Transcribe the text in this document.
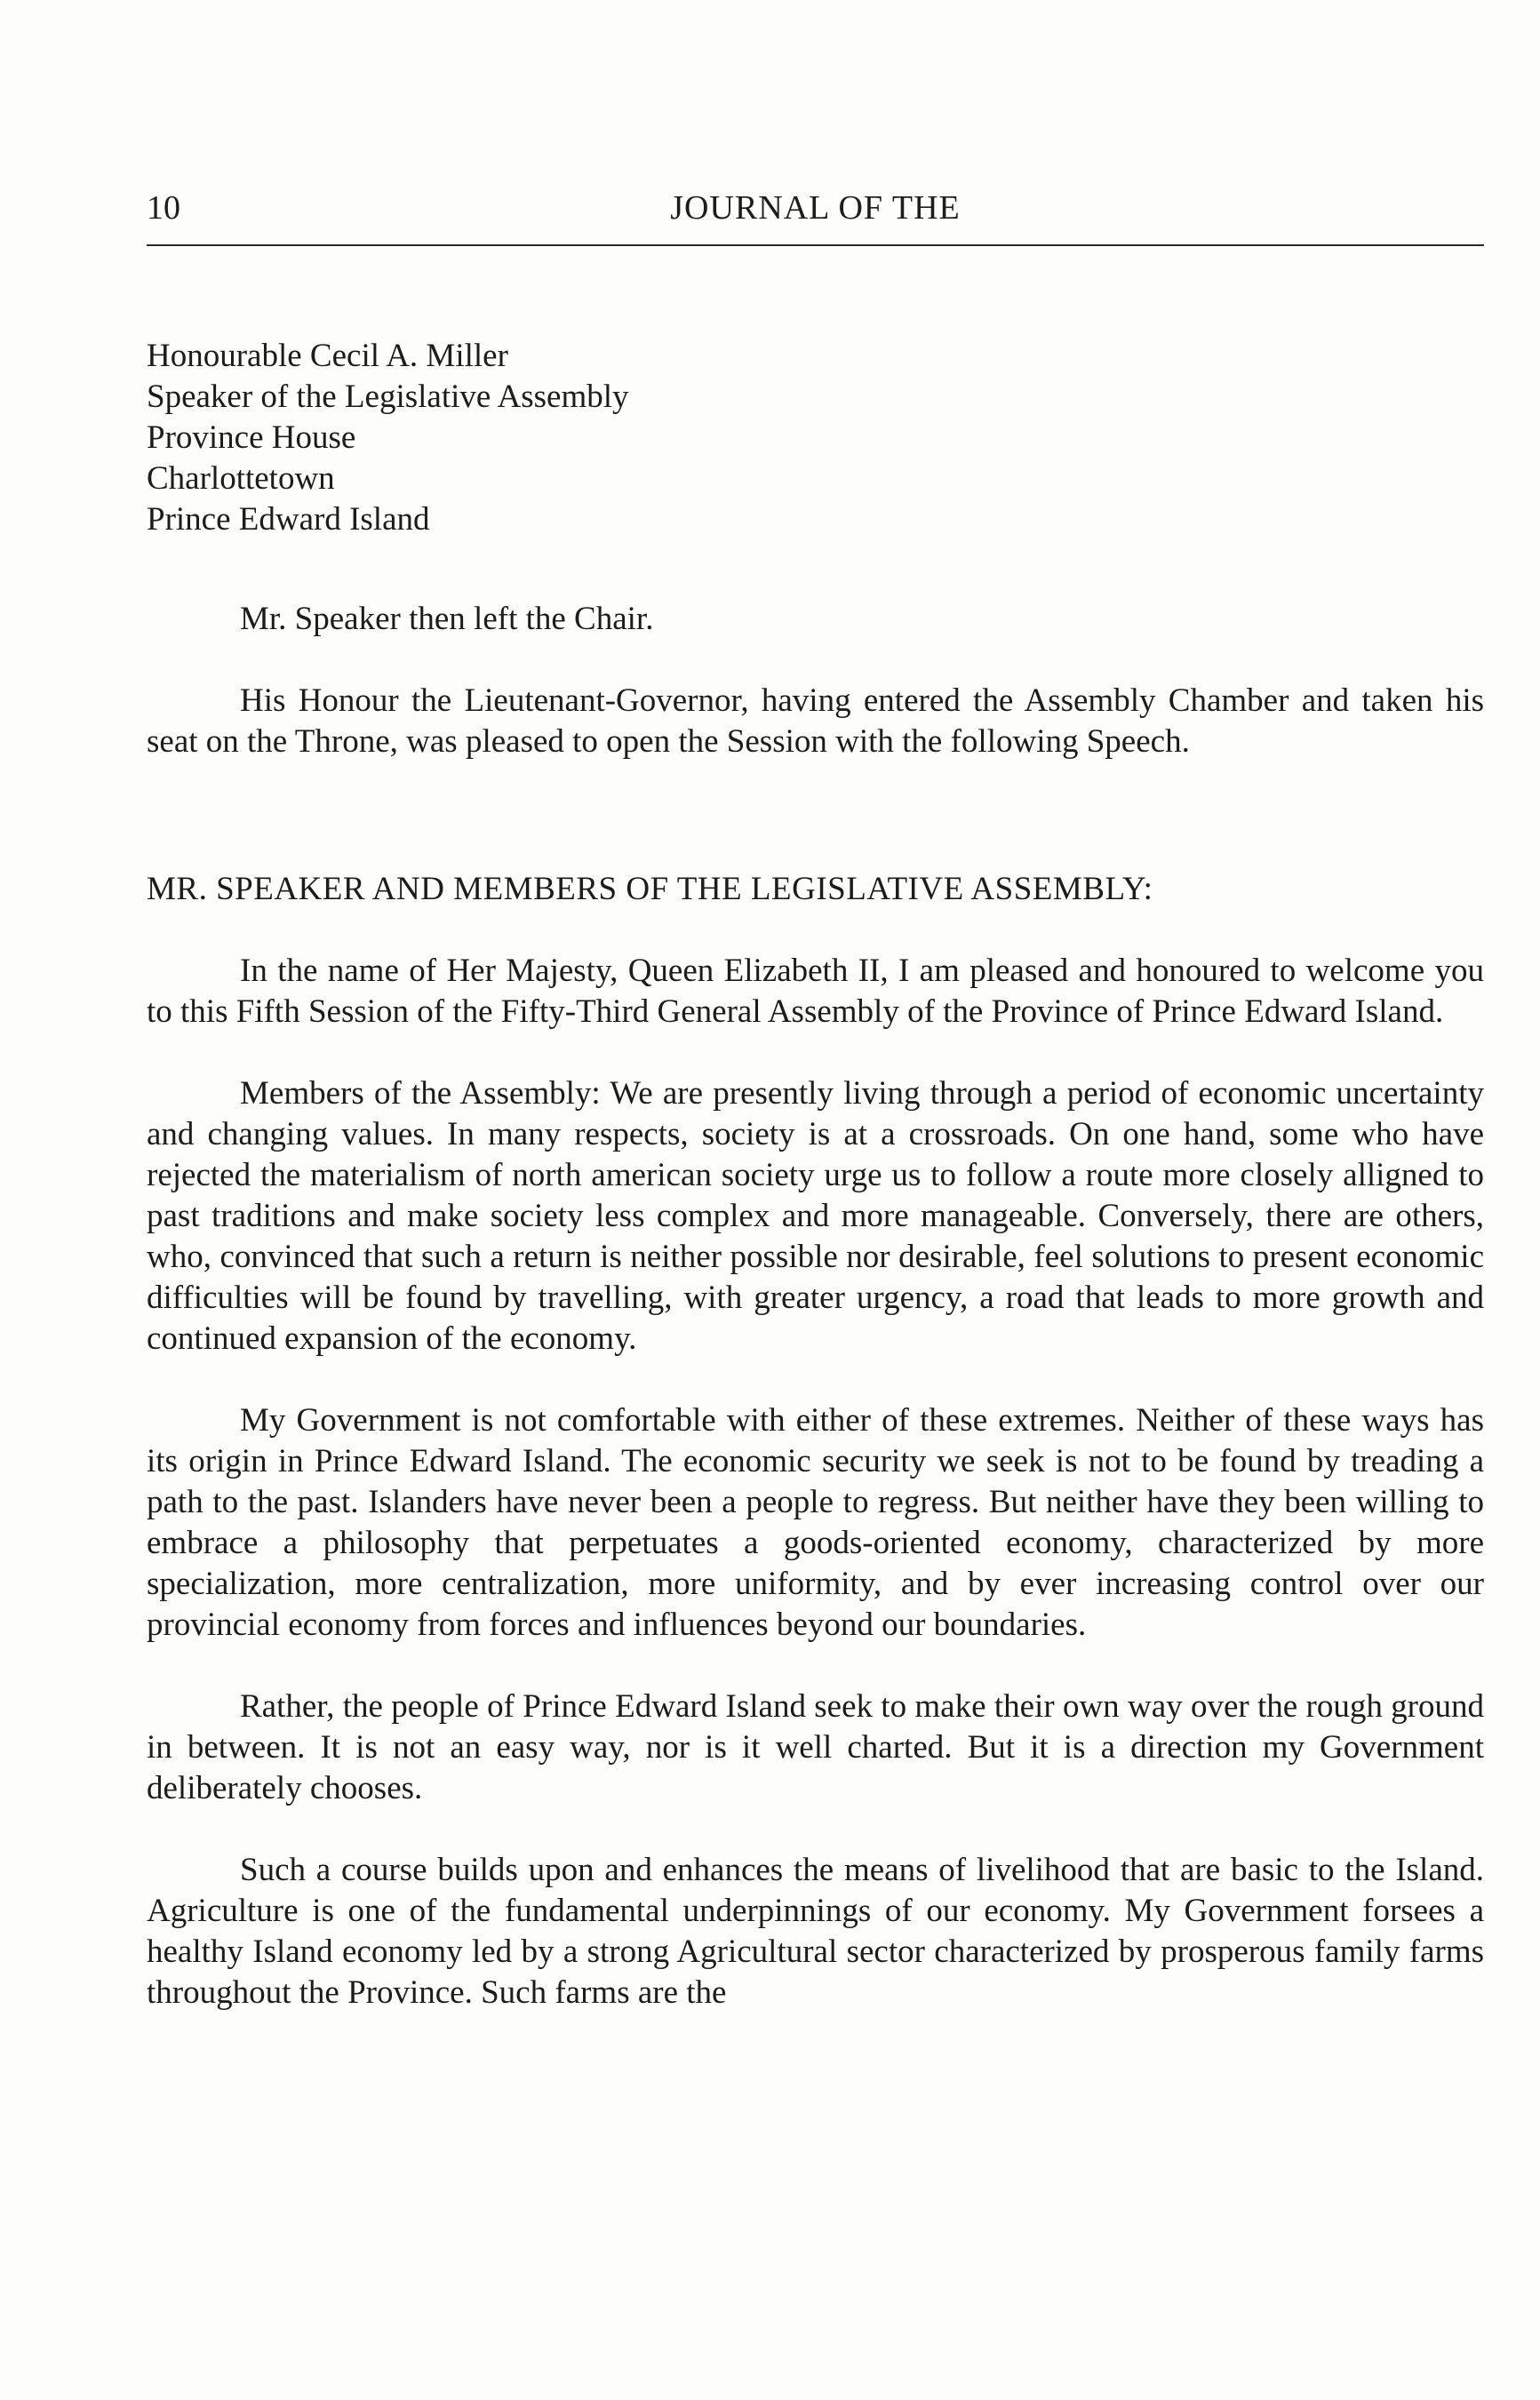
10	JOURNAL OF THE
Honourable Cecil A. Miller
Speaker of the Legislative Assembly
Province House
Charlottetown
Prince Edward Island

Mr. Speaker then left the Chair.

His Honour the Lieutenant-Governor, having entered the Assembly Chamber and taken his seat on the Throne, was pleased to open the Session with the following Speech.

MR. SPEAKER AND MEMBERS OF THE LEGISLATIVE ASSEMBLY:

In the name of Her Majesty, Queen Elizabeth II, I am pleased and honoured to welcome you to this Fifth Session of the Fifty-Third General Assembly of the Province of Prince Edward Island.

Members of the Assembly: We are presently living through a period of economic uncertainty and changing values. In many respects, society is at a crossroads. On one hand, some who have rejected the materialism of north american society urge us to follow a route more closely alligned to past traditions and make society less complex and more manageable. Conversely, there are others, who, convinced that such a return is neither possible nor desirable, feel solutions to present economic difficulties will be found by travelling, with greater urgency, a road that leads to more growth and continued expansion of the economy.

My Government is not comfortable with either of these extremes. Neither of these ways has its origin in Prince Edward Island. The economic security we seek is not to be found by treading a path to the past. Islanders have never been a people to regress. But neither have they been willing to embrace a philosophy that perpetuates a goods-oriented economy, characterized by more specialization, more centralization, more uniformity, and by ever increasing control over our provincial economy from forces and influences beyond our boundaries.

Rather, the people of Prince Edward Island seek to make their own way over the rough ground in between. It is not an easy way, nor is it well charted. But it is a direction my Government deliberately chooses.

Such a course builds upon and enhances the means of livelihood that are basic to the Island. Agriculture is one of the fundamental underpinnings of our economy. My Government forsees a healthy Island economy led by a strong Agricultural sector characterized by prosperous family farms throughout the Province. Such farms are the
